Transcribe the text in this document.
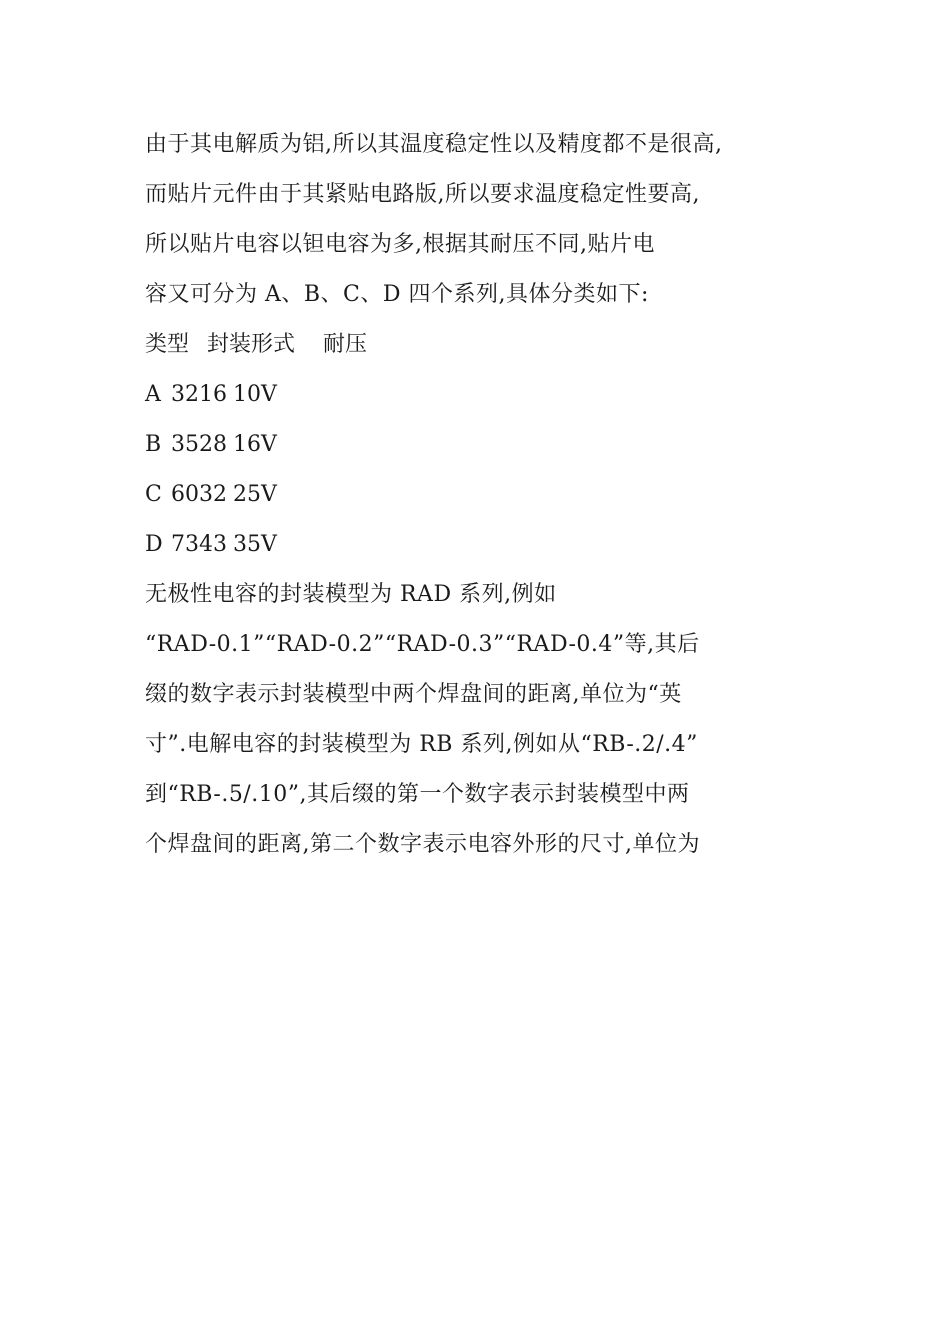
由于其电解质为铝,所以其温度稳定性以及精度都不是很高,
而贴片元件由于其紧贴电路版,所以要求温度稳定性要高,
所以贴片电容以钽电容为多,根据其耐压不同,贴片电
容又可分为 A、B、C、D 四个系列,具体分类如下:
类型 封装形式	耐压
A 3216 10V
B 3528 16V
C 6032 25V
D 7343 35V
无极性电容的封装模型为 RAD 系列,例如
“RAD-0.1”“RAD-0.2”“RAD-0.3”“RAD-0.4”等,其后
缀的数字表示封装模型中两个焊盘间的距离,单位为“英
寸”.电解电容的封装模型为 RB 系列,例如从“RB-.2/.4”
到“RB-.5/.10”,其后缀的第一个数字表示封装模型中两
个焊盘间的距离,第二个数字表示电容外形的尺寸,单位为
